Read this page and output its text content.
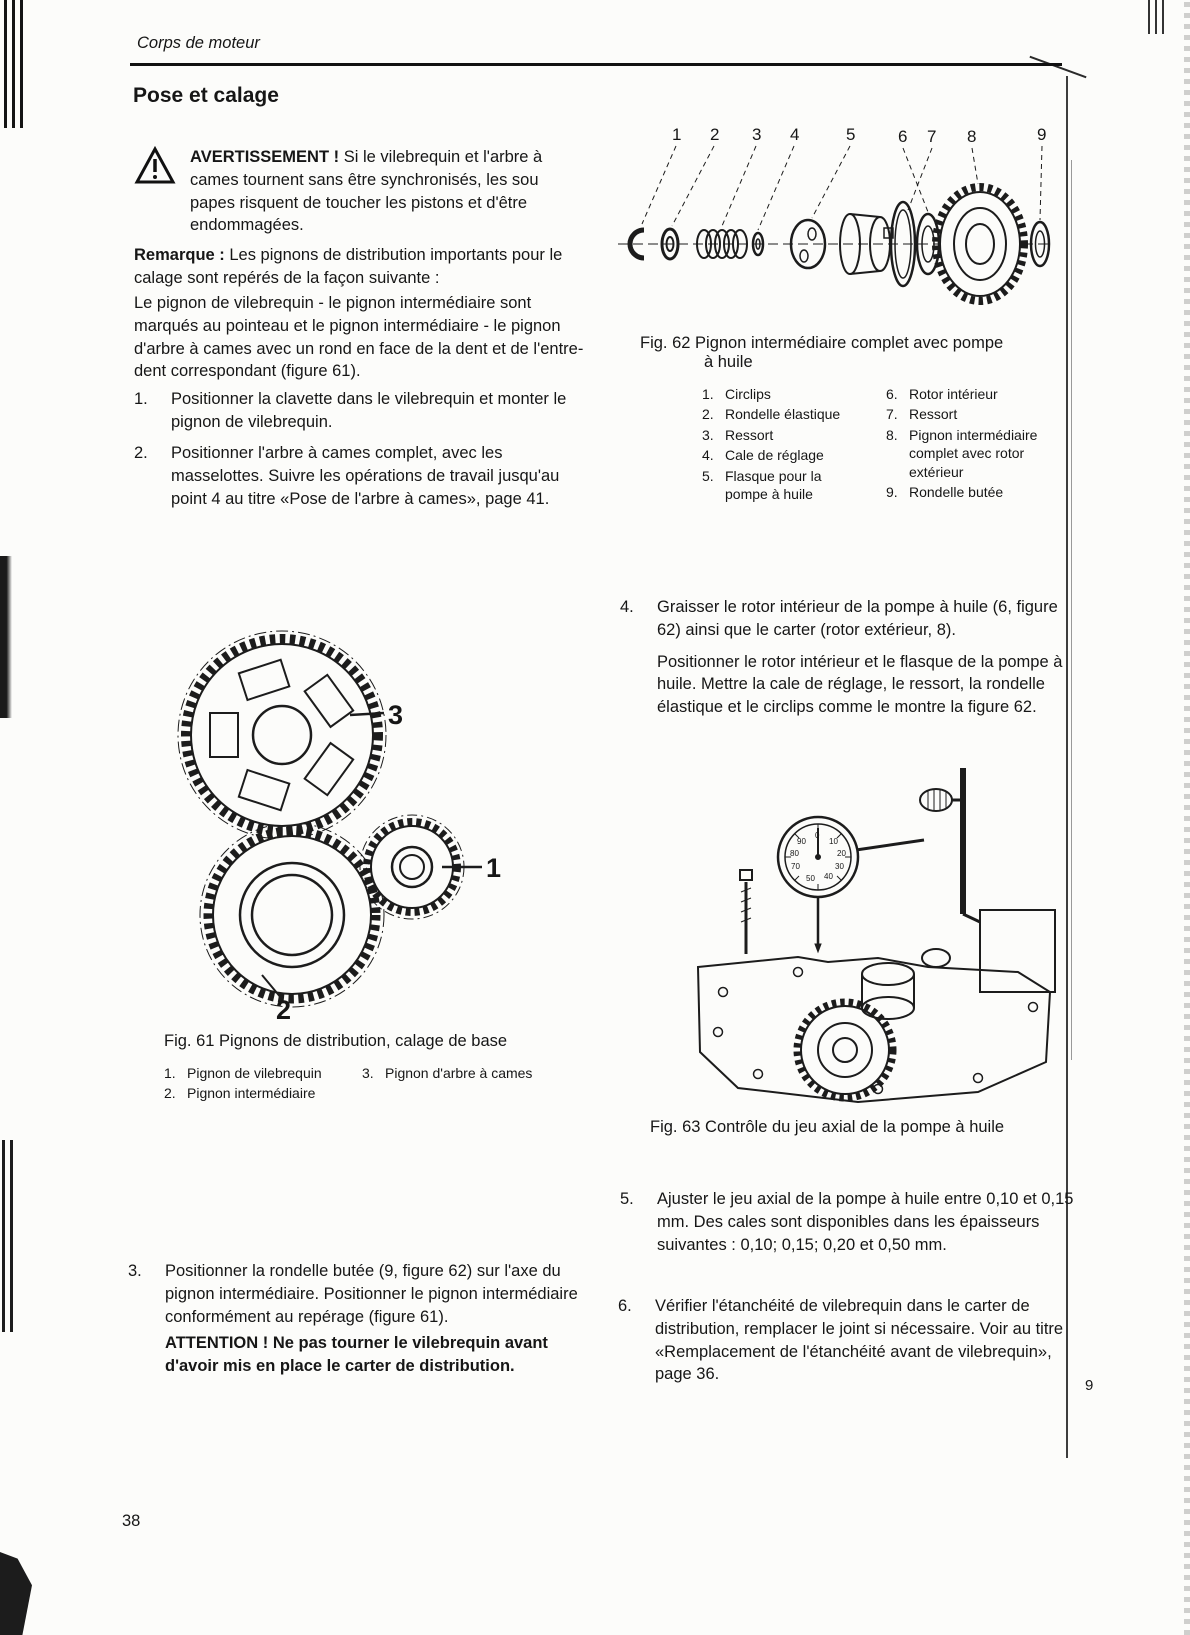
Corps de moteur
Pose et calage
AVERTISSEMENT ! Si le vilebrequin et l'arbre à cames tournent sans être synchronisés, les sou papes risquent de toucher les pistons et d'être endommagées.
Remarque : Les pignons de distribution importants pour le calage sont repérés de la façon suivante :
Le pignon de vilebrequin - le pignon intermédiaire sont marqués au pointeau et le pignon intermédiaire - le pignon d'arbre à cames avec un rond en face de la dent et de l'entre-dent correspondant (figure 61).
1.	Positionner la clavette dans le vilebrequin et monter le pignon de vilebrequin.
2.	Positionner l'arbre à cames complet, avec les masselottes. Suivre les opérations de travail jusqu'au point 4 au titre «Pose de l'arbre à cames», page 41.
1 2 3 4	5	6 7 8	9
Fig. 62 Pignon intermédiaire complet avec pompe
à huile
1. Circlips
2. Rondelle élastique
3. Ressort
4. Cale de réglage
5. Flasque pour la pompe à huile
6. Rotor intérieur
7. Ressort
8. Pignon intermédiaire complet avec rotor extérieur
9. Rondelle butée
4.	Graisser le rotor intérieur de la pompe à huile (6, figure 62) ainsi que le carter (rotor extérieur, 8).
Positionner le rotor intérieur et le flasque de la pompe à huile. Mettre la cale de réglage, le ressort, la rondelle élastique et le circlips comme le montre la figure 62.
3
1
2
Fig. 61 Pignons de distribution, calage de base
1. Pignon de vilebrequin
2. Pignon intermédiaire
3. Pignon d'arbre à cames
90
0
10
80	20
70	30
40
50
Fig. 63 Contrôle du jeu axial de la pompe à huile
5.	Ajuster le jeu axial de la pompe à huile entre 0,10 et 0,15 mm. Des cales sont disponibles dans les épaisseurs suivantes : 0,10; 0,15; 0,20 et 0,50 mm.
6.	Vérifier l'étanchéité de vilebrequin dans le carter de distribution, remplacer le joint si nécessaire. Voir au titre «Remplacement de l'étanchéité avant de vilebrequin», page 36.
3.	Positionner la rondelle butée (9, figure 62) sur l'axe du pignon intermédiaire. Positionner le pignon intermédiaire conformément au repérage (figure 61).
ATTENTION ! Ne pas tourner le vilebrequin avant d'avoir mis en place le carter de distribution.
38
9
